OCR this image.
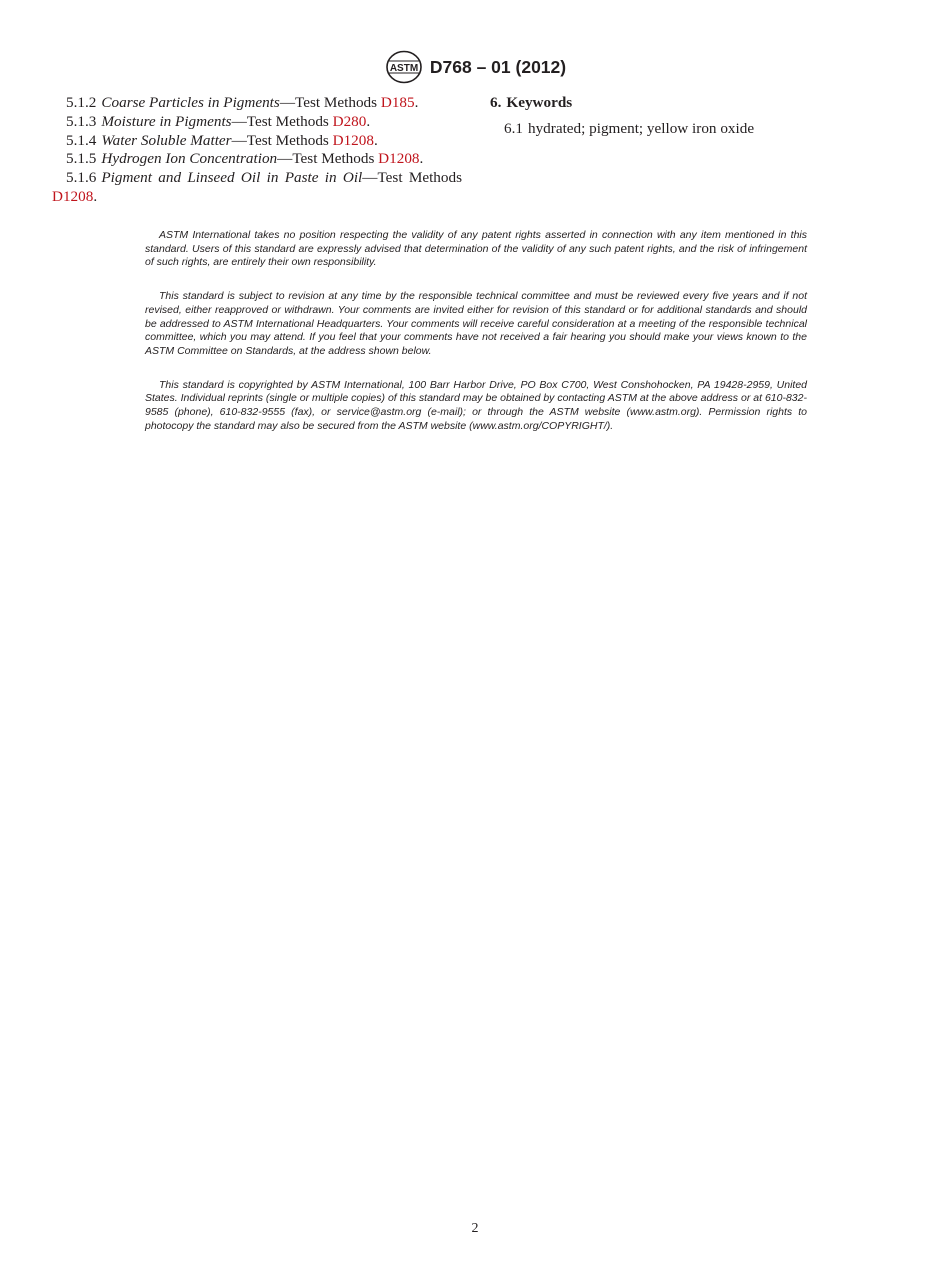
ASTM D768 – 01 (2012)
5.1.2 Coarse Particles in Pigments—Test Methods D185.
5.1.3 Moisture in Pigments—Test Methods D280.
5.1.4 Water Soluble Matter—Test Methods D1208.
5.1.5 Hydrogen Ion Concentration—Test Methods D1208.
5.1.6 Pigment and Linseed Oil in Paste in Oil—Test Methods D1208.
6. Keywords
6.1 hydrated; pigment; yellow iron oxide

ASTM International takes no position respecting the validity of any patent rights asserted in connection with any item mentioned in this standard. Users of this standard are expressly advised that determination of the validity of any such patent rights, and the risk of infringement of such rights, are entirely their own responsibility.

This standard is subject to revision at any time by the responsible technical committee and must be reviewed every five years and if not revised, either reapproved or withdrawn. Your comments are invited either for revision of this standard or for additional standards and should be addressed to ASTM International Headquarters. Your comments will receive careful consideration at a meeting of the responsible technical committee, which you may attend. If you feel that your comments have not received a fair hearing you should make your views known to the ASTM Committee on Standards, at the address shown below.

This standard is copyrighted by ASTM International, 100 Barr Harbor Drive, PO Box C700, West Conshohocken, PA 19428-2959, United States. Individual reprints (single or multiple copies) of this standard may be obtained by contacting ASTM at the above address or at 610-832-9585 (phone), 610-832-9555 (fax), or service@astm.org (e-mail); or through the ASTM website (www.astm.org). Permission rights to photocopy the standard may also be secured from the ASTM website (www.astm.org/COPYRIGHT/).

2
